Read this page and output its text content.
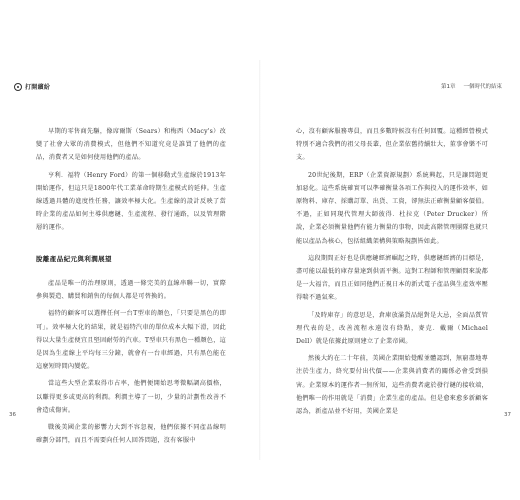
打開繽紛

早期的零售商先驅，像席爾斯（Sears）和梅西（Macy's）改變了社會大眾的消費模式，但他們不知道究竟是誰買了他們的產品，消費者又是如何使用他們的產品。

亨利．福特（Henry Ford）的第一個移動式生產線於1913年開始運作，但這只是1800年代工業革命時期生產模式的延伸。生產線透過具體的進度性任務，讓效率極大化。生產線的設計反映了當時企業的產品如何主導供應鏈、生產流程、發行通路，以及管理階層的運作。

脫離產品紀元與利潤展望

產品是唯一的治理原則，透過一條完美的直線串聯一切，實際參與製造、購買和銷售的每個人都是可替換的。

福特的顧客可以選擇任何一台T型車的顏色，「只要是黑色的即可」。效率極大化的結果，就是福特汽車的單位成本大幅下滑，因此得以大量生產便宜且堅固耐勞的汽車。T型車只有黑色一種顏色，這是因為生產線上平均每三分鐘，就會有一台車經過，只有黑色能在這麼短時間內變乾。

當這些大型企業取得市占率，他們便開始思考微幅調高價格，以賺得更多或更高的利潤。利潤主導了一切，少量的計劃性改善不會造成傷害。

戰後美國企業的影響力大到不容忽視，他們依據不同產品線明確劃分部門，而且不需要向任何人回答問題，沒有客服中

36
第1章 一個時代的結束

心，沒有顧客服務專員，而且多數時候沒有任何回覆。這種經營模式特別不適合我們的祖父母長輩，但企業依舊持續壯大，董事會樂不可支。

20世紀後期，ERP（企業資源規劃）系統興起，只是讓問題更加惡化。這些系統確實可以準確衡量各項工作與投入的運作效率，如原物料、庫存、採購訂單、出貨、工資，卻無法正確衡量顧客價值。不過，正如同現代管理大師彼得．杜拉克（Peter Drucker）所說，企業必須衡量他們有能力衡量的事物，因此高階管理團隊也就只能以產品為核心，包括組織架構與策略規劃皆如此。

這段期間正好也是供應鏈經濟崛起之時，供應鏈經濟的目標是，盡可能以最低的庫存量達到供需平衡。這對工程師和管理顧問來說都是一大福音，而且正如同他們正視日本的新式電子產品與生產效率壓得喘不過氣來。

「及時庫存」的意思是，倉庫放滿貨品絕對是大忌，全面品質管理代表的是，改善流程永遠沒有終點，麥克．戴爾（Michael Dell）就是依據此原則建立了企業帝國。

然後大約在二十年前，美國企業開始覺醒並體認到，無窮盡地專注於生產力，終究要付出代價——企業與消費者的關係必會受到損害。企業原本的運作者一無所知，這些消費者處於發行鏈的接收端，他們唯一的作用就是「消費」企業生產的產品。但是愈來愈多新顧客認為，新產品並不好用，美國企業是	37
